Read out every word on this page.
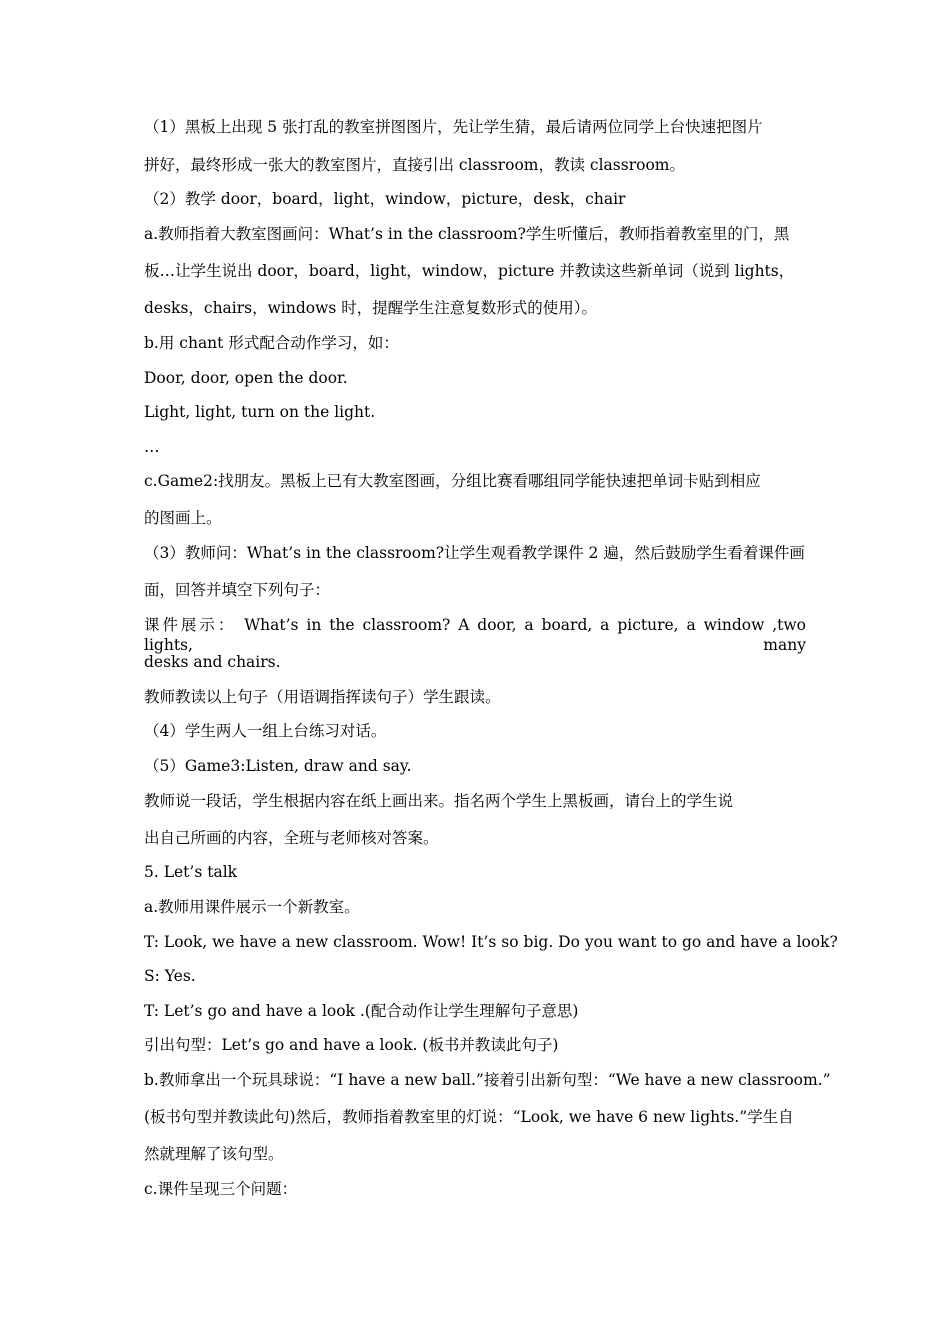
（1）黑板上出现 5 张打乱的教室拼图图片，先让学生猜，最后请两位同学上台快速把图片
拼好，最终形成一张大的教室图片，直接引出 classroom，教读 classroom。
（2）教学 door，board，light，window，picture，desk，chair
a.教师指着大教室图画问：What’s in the classroom?学生听懂后，教师指着教室里的门，黑
板…让学生说出 door，board，light，window，picture 并教读这些新单词（说到 lights，
desks，chairs，windows 时，提醒学生注意复数形式的使用）。
b.用 chant 形式配合动作学习，如：
Door, door, open the door.
Light, light, turn on the light.
…
c.Game2:找朋友。黑板上已有大教室图画，分组比赛看哪组同学能快速把单词卡贴到相应
的图画上。
（3）教师问：What’s in the classroom?让学生观看教学课件 2 遍，然后鼓励学生看着课件画
面，回答并填空下列句子：
课件展示： What’s in the classroom? A door, a board, a picture, a window ,two lights, many
desks and chairs.
教师教读以上句子（用语调指挥读句子）学生跟读。
（4）学生两人一组上台练习对话。
（5）Game3:Listen, draw and say.
教师说一段话，学生根据内容在纸上画出来。指名两个学生上黑板画，请台上的学生说
出自己所画的内容，全班与老师核对答案。
5. Let’s talk
a.教师用课件展示一个新教室。
T: Look, we have a new classroom. Wow! It’s so big. Do you want to go and have a look?
S: Yes.
T: Let’s go and have a look .(配合动作让学生理解句子意思)
引出句型：Let’s go and have a look. (板书并教读此句子)
b.教师拿出一个玩具球说：“I have a new ball.”接着引出新句型：“We have a new classroom.”
(板书句型并教读此句)然后，教师指着教室里的灯说：“Look, we have 6 new lights.”学生自
然就理解了该句型。
c.课件呈现三个问题：
